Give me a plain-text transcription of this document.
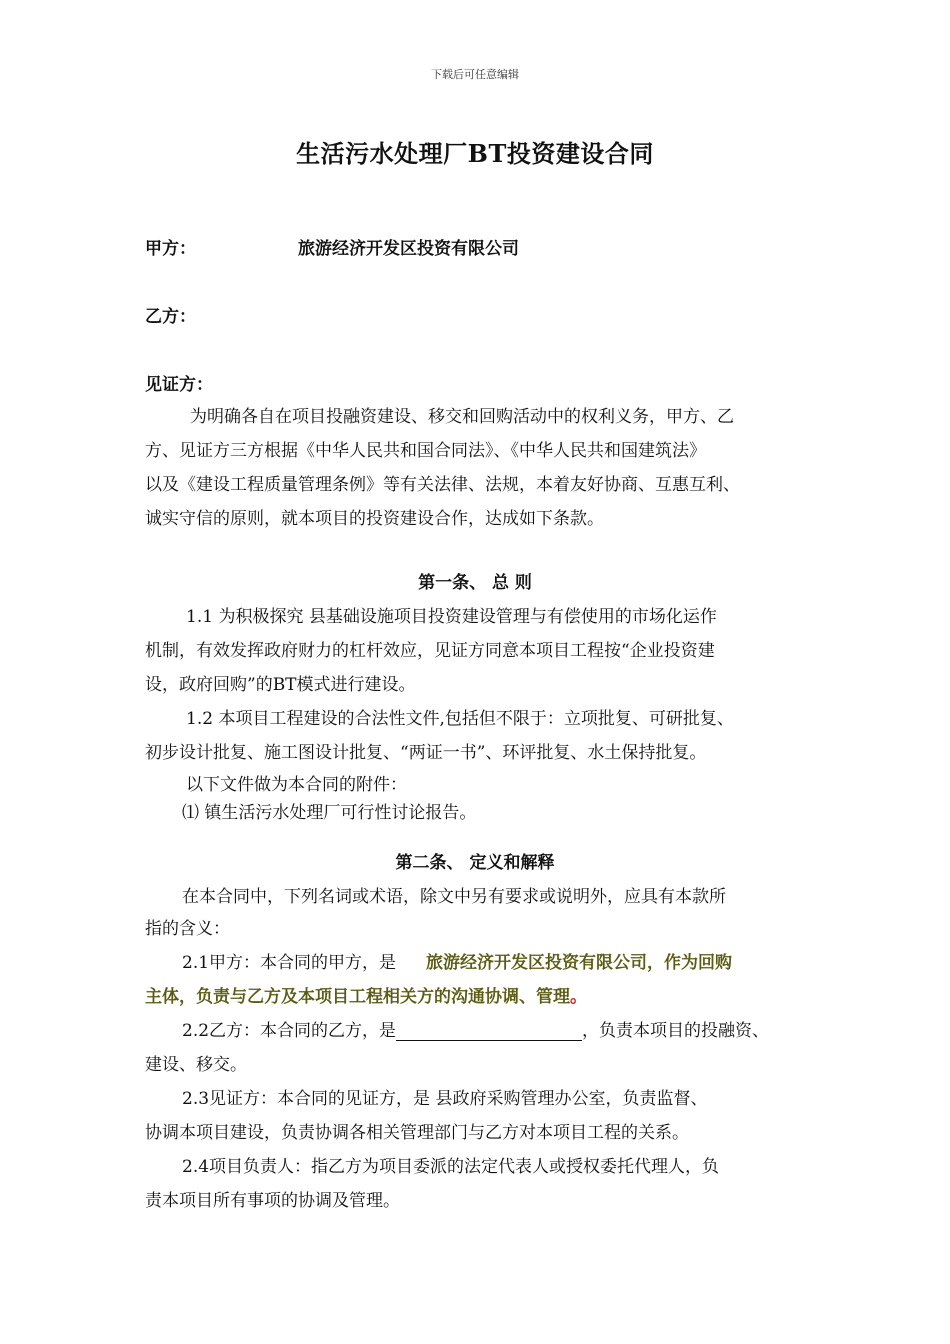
下载后可任意编辑
生活污水处理厂BT投资建设合同
甲方：	旅游经济开发区投资有限公司
乙方：
见证方：
为明确各自在项目投融资建设、移交和回购活动中的权利义务，甲方、乙
方、见证方三方根据《中华人民共和国合同法》、《中华人民共和国建筑法》
以及《建设工程质量管理条例》等有关法律、法规，本着友好协商、互惠互利、
诚实守信的原则，就本项目的投资建设合作，达成如下条款。
第一条、 总 则
1.1 为积极探究 县基础设施项目投资建设管理与有偿使用的市场化运作
机制，有效发挥政府财力的杠杆效应，见证方同意本项目工程按“企业投资建
设，政府回购”的BT模式进行建设。
1.2 本项目工程建设的合法性文件,包括但不限于：立项批复、可研批复、
初步设计批复、施工图设计批复、“两证一书”、环评批复、水土保持批复。
以下文件做为本合同的附件：
⑴ 镇生活污水处理厂可行性讨论报告。
第二条、 定义和解释
在本合同中，下列名词或术语，除文中另有要求或说明外，应具有本款所
指的含义：
2.1甲方：本合同的甲方，是 旅游经济开发区投资有限公司，作为回购
主体，负责与乙方及本项目工程相关方的沟通协调、管理。
2.2乙方：本合同的乙方，是	，负责本项目的投融资、
建设、移交。
2.3见证方：本合同的见证方，是 县政府采购管理办公室，负责监督、
协调本项目建设，负责协调各相关管理部门与乙方对本项目工程的关系。
2.4项目负责人：指乙方为项目委派的法定代表人或授权委托代理人，负
责本项目所有事项的协调及管理。
